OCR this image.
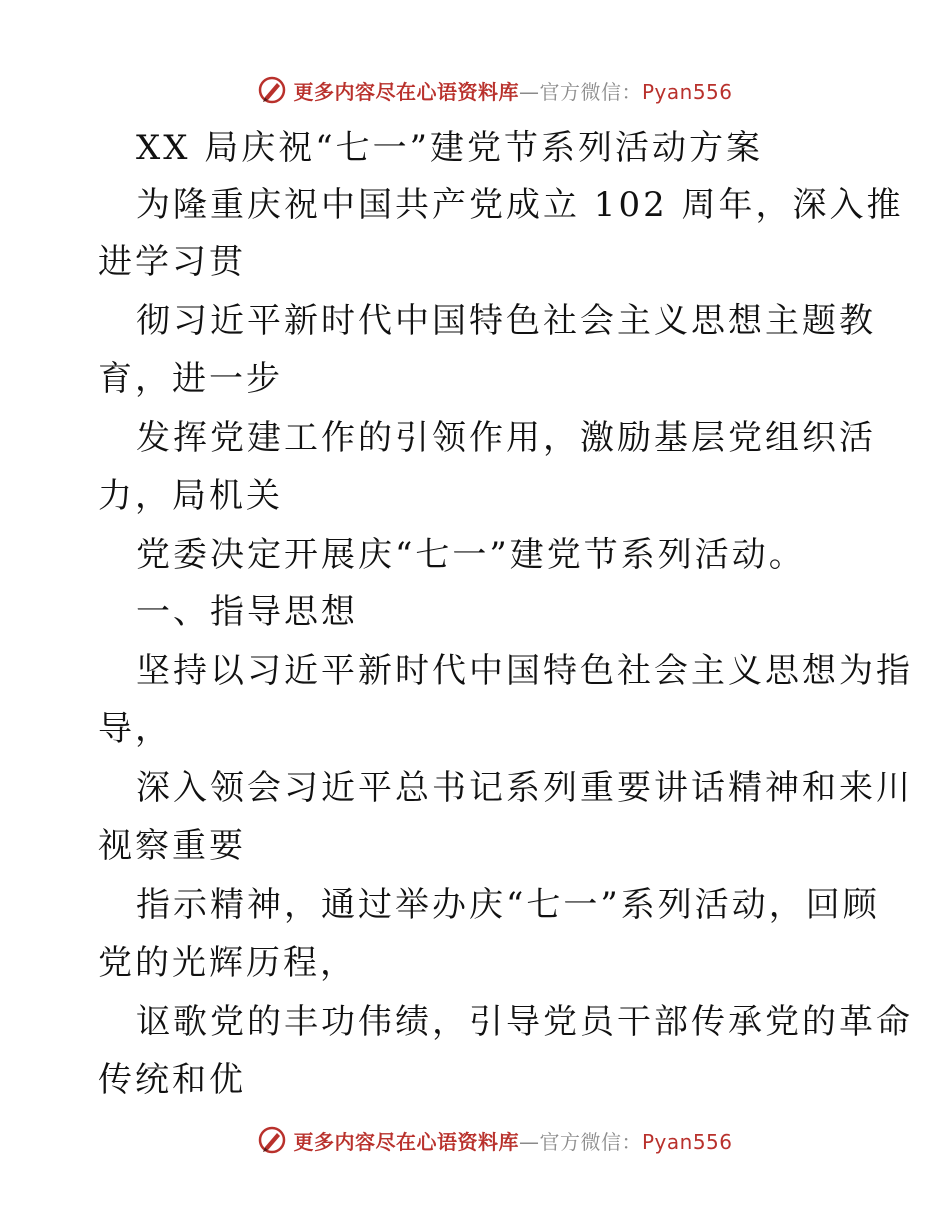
更多内容尽在心语资料库—官方微信：Pyan556
XX 局庆祝“七一”建党节系列活动方案
为隆重庆祝中国共产党成立 102 周年，深入推
进学习贯
彻习近平新时代中国特色社会主义思想主题教
育，进一步
发挥党建工作的引领作用，激励基层党组织活
力，局机关
党委决定开展庆“七一”建党节系列活动。
一、指导思想
坚持以习近平新时代中国特色社会主义思想为指
导，
深入领会习近平总书记系列重要讲话精神和来川
视察重要
指示精神，通过举办庆“七一”系列活动，回顾
党的光辉历程，
讴歌党的丰功伟绩，引导党员干部传承党的革命
传统和优
更多内容尽在心语资料库—官方微信：Pyan556
